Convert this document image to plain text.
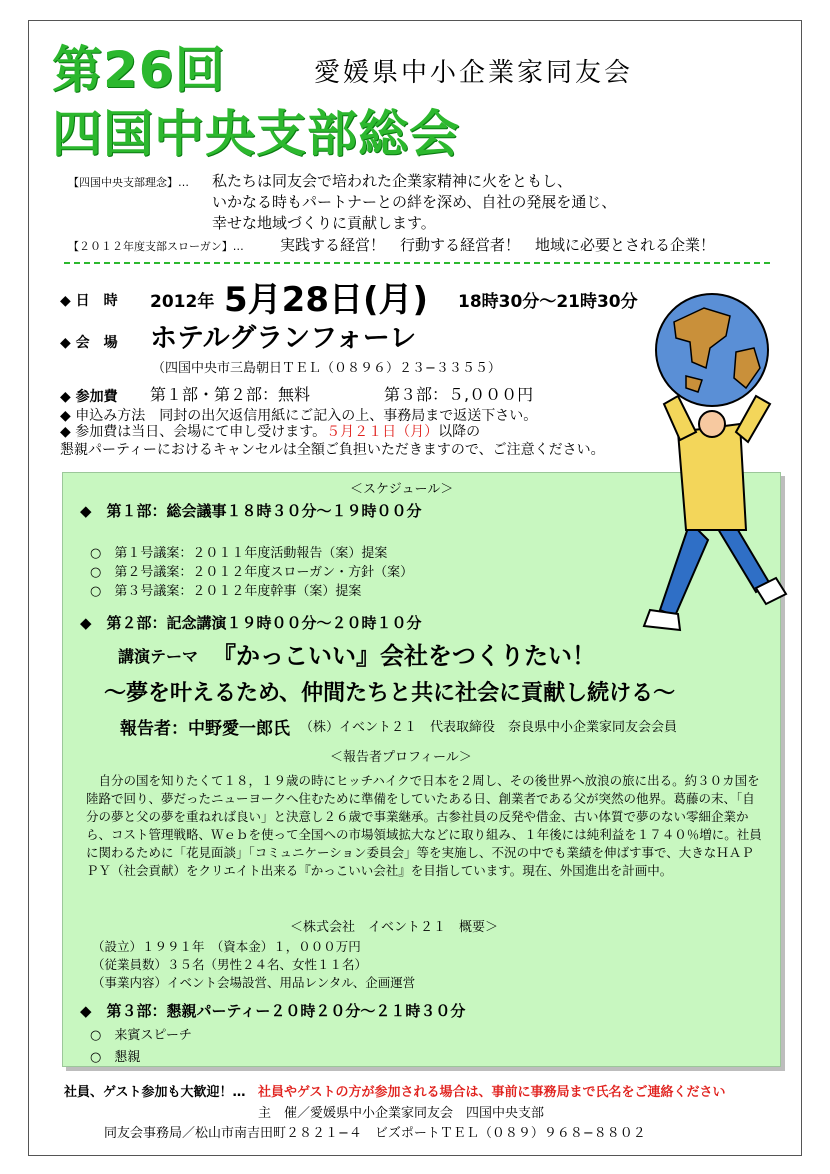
第26回
四国中央支部総会
愛媛県中小企業家同友会
【四国中央支部理念】… 私たちは同友会で培われた企業家精神に火をともし、
いかなる時もパートナーとの絆を深め、自社の発展を通じ、
幸せな地域づくりに貢献します。
【２０１２年度支部スローガン】… 実践する経営！　行動する経営者！　地域に必要とされる企業！
◆ 日　時 2012年 5月28日(月) 18時30分～21時30分
◆ 会　場 ホテルグランフォーレ
（四国中央市三島朝日ＴＥＬ（０８９６）２３−３３５５）
◆ 参加費 第１部・第２部：無料	第３部：５,０００円
◆ 申込み方法　同封の出欠返信用紙にご記入の上、事務局まで返送下さい。
◆ 参加費は当日、会場にて申し受けます。５月２１日（月）以降の
懇親パーティーにおけるキャンセルは全額ご負担いただきますので、ご注意ください。
＜スケジュール＞
◆　第１部：総会議事１８時３０分～１９時００分
○　第１号議案：２０１１年度活動報告（案）提案
○　第２号議案：２０１２年度スローガン・方針（案）
○　第３号議案：２０１２年度幹事（案）提案
◆　第２部：記念講演１９時００分～２０時１０分
講演テーマ 『かっこいい』会社をつくりたい！
～夢を叶えるため、仲間たちと共に社会に貢献し続ける～
報告者：中野愛一郎氏 （株）イベント２１　代表取締役　奈良県中小企業家同友会会員
＜報告者プロフィール＞
自分の国を知りたくて１８，１９歳の時にヒッチハイクで日本を２周し、その後世界へ放浪の旅に出る。約３０カ国を陸路で回り、夢だったニューヨークへ住むために準備をしていたある日、創業者である父が突然の他界。葛藤の末、「自分の夢と父の夢を重ねれば良い」と決意し２６歳で事業継承。古参社員の反発や借金、古い体質で夢のない零細企業から、コスト管理戦略、Ｗｅｂを使って全国への市場領域拡大などに取り組み、１年後には純利益を１７４０％増に。社員に関わるために「花見面談」「コミュニケーション委員会」等を実施し、不況の中でも業績を伸ばす事で、大きなＨＡＰＰＹ（社会貢献）をクリエイト出来る『かっこいい会社』を目指しています。現在、外国進出を計画中。
＜株式会社　イベント２１　概要＞
（設立）１９９１年　（資本金）１，０００万円
（従業員数）３５名（男性２４名、女性１１名）
（事業内容）イベント会場設営、用品レンタル、企画運営
◆　第３部：懇親パーティー２０時２０分～２１時３０分
○　来賓スピーチ
○　懇親
社員、ゲスト参加も大歓迎！… 社員やゲストの方が参加される場合は、事前に事務局まで氏名をご連絡ください
主　催／愛媛県中小企業家同友会　四国中央支部
同友会事務局／松山市南吉田町２８２１−４　ビズポートＴＥＬ（０８９）９６８−８８０２
